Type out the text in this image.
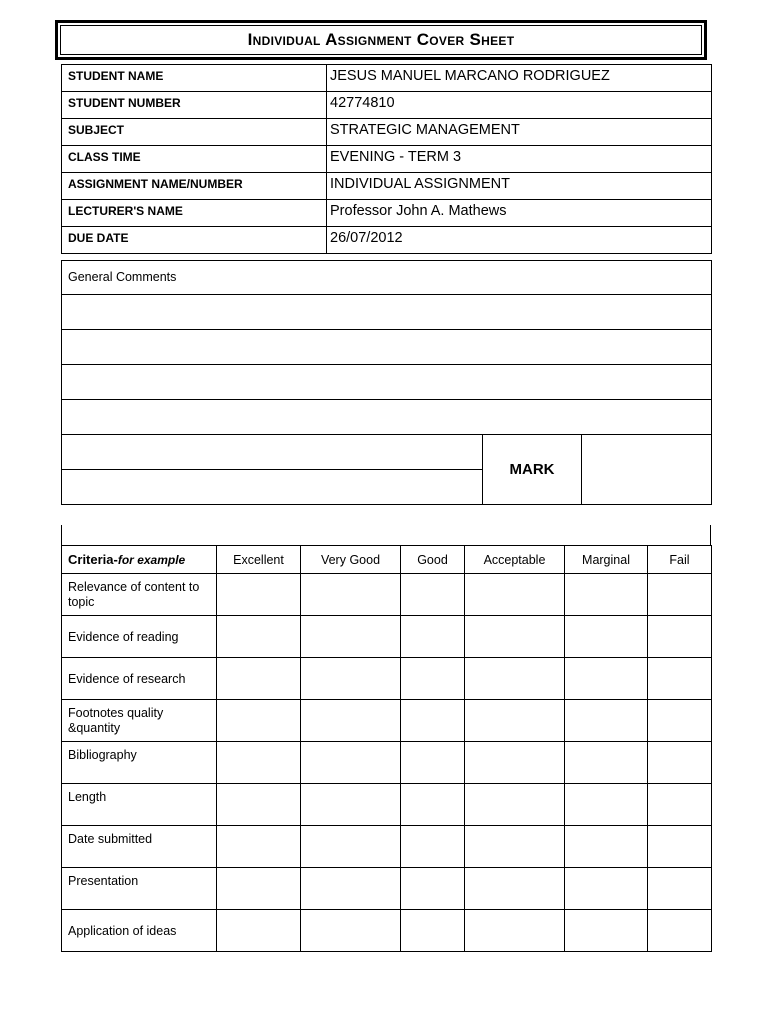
Individual Assignment Cover Sheet
STUDENT NAME	JESUS MANUEL MARCANO RODRIGUEZ
STUDENT NUMBER	42774810
SUBJECT	STRATEGIC MANAGEMENT
CLASS TIME	EVENING - TERM 3
ASSIGNMENT NAME/NUMBER	INDIVIDUAL ASSIGNMENT
LECTURER'S NAME	Professor John A. Mathews
DUE DATE	26/07/2012
General Comments

	MARK	

Criteria-for example	Excellent	Very Good	Good	Acceptable	Marginal	Fail
Relevance of content to topic						
Evidence of reading						
Evidence of research						
Footnotes quality &quantity						
Bibliography						
Length						
Date submitted						
Presentation						
Application of ideas						
